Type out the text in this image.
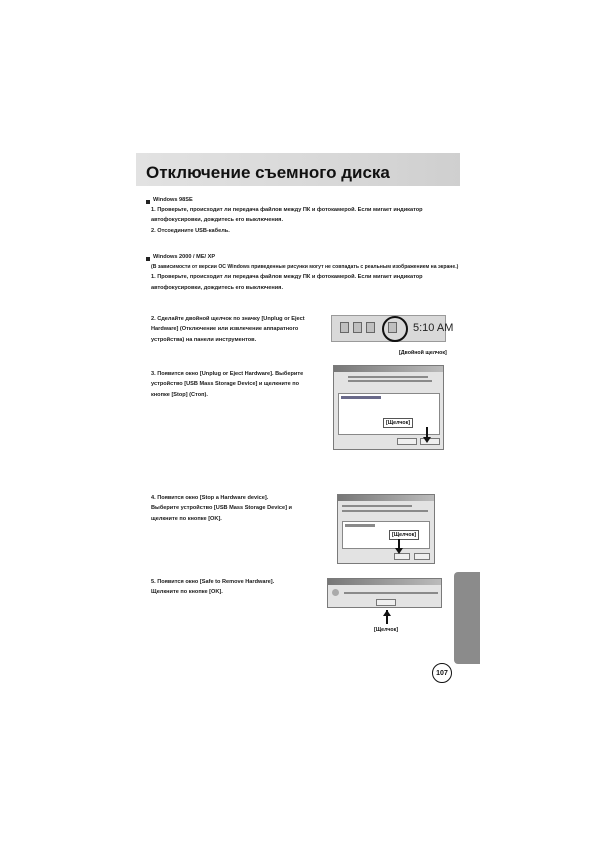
Отключение съемного диска
Windows 98SE
1. Проверьте, происходит ли передача файлов между ПК и фотокамерой. Если мигает индикатор
автофокусировки, дождитесь его выключения.
2. Отсоедините USB-кабель.
Windows 2000 / ME/ XP
(В зависимости от версии ОС Windows приведенные рисунки могут не совпадать с реальным изображением на экране.)
1. Проверьте, происходит ли передача файлов между ПК и фотокамерой. Если мигает индикатор
автофокусировки, дождитесь его выключения.
2. Сделайте двойной щелчок по значку [Unplug or Eject
Hardware] (Отключение или извлечение аппаратного
устройства) на панели инструментов.
5:10 AM
[Двойной щелчок]
3. Появится окно [Unplug or Eject Hardware]. Выберите
устройство [USB Mass Storage Device] и щелкните по
кнопке [Stop] (Стоп).
[Щелчок]
4. Появится окно [Stop a Hardware device].
Выберите устройство [USB Mass Storage Device] и
щелкните по кнопке [OK].
[Щелчок]
5. Появится окно [Safe to Remove Hardware].
Щелкните по кнопке [OK].
[Щелчок]
107
